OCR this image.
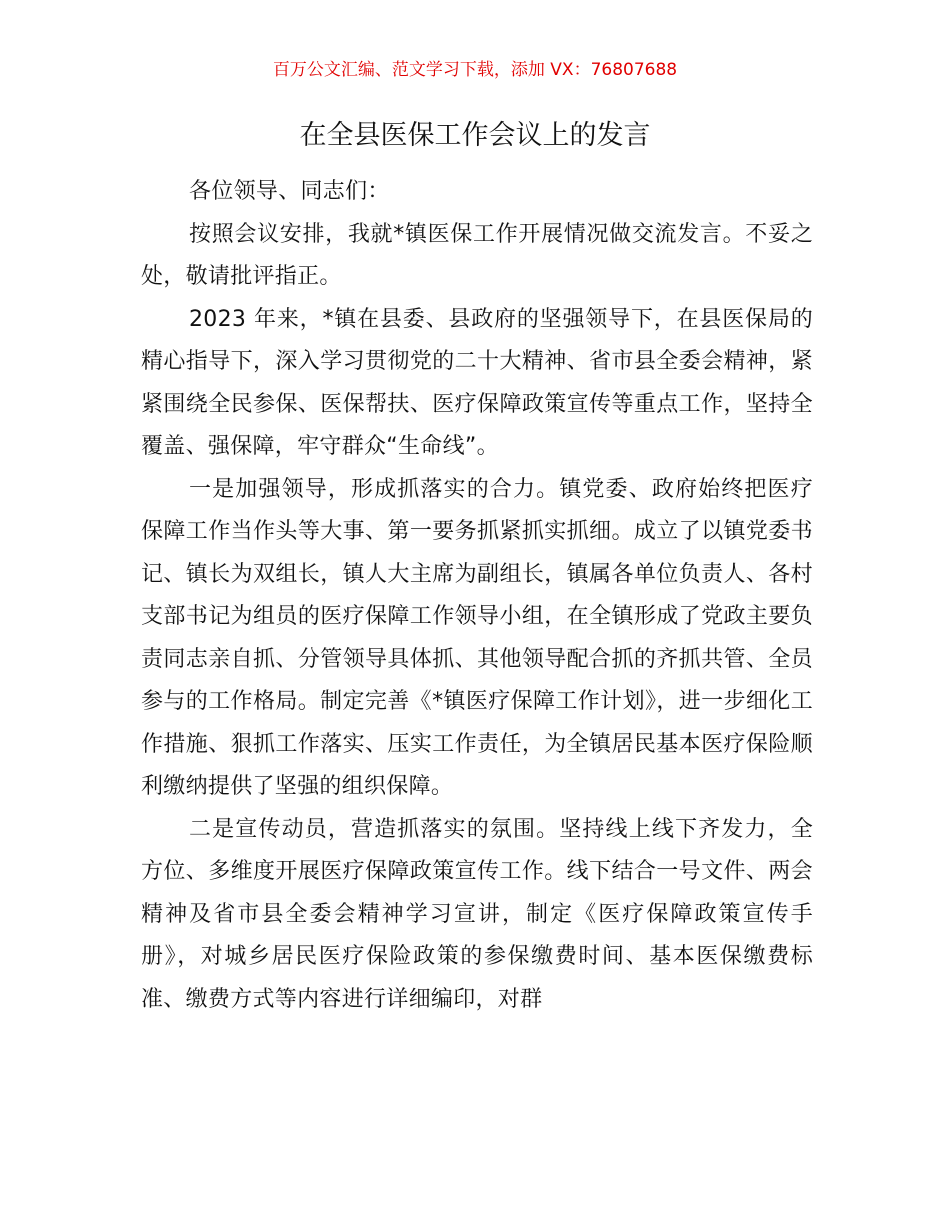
百万公文汇编、范文学习下载，添加 VX：76807688
在全县医保工作会议上的发言

各位领导、同志们：

按照会议安排，我就*镇医保工作开展情况做交流发言。不妥之处，敬请批评指正。

2023 年来，*镇在县委、县政府的坚强领导下，在县医保局的精心指导下，深入学习贯彻党的二十大精神、省市县全委会精神，紧紧围绕全民参保、医保帮扶、医疗保障政策宣传等重点工作，坚持全覆盖、强保障，牢守群众“生命线”。

一是加强领导，形成抓落实的合力。镇党委、政府始终把医疗保障工作当作头等大事、第一要务抓紧抓实抓细。成立了以镇党委书记、镇长为双组长，镇人大主席为副组长，镇属各单位负责人、各村支部书记为组员的医疗保障工作领导小组，在全镇形成了党政主要负责同志亲自抓、分管领导具体抓、其他领导配合抓的齐抓共管、全员参与的工作格局。制定完善《*镇医疗保障工作计划》，进一步细化工作措施、狠抓工作落实、压实工作责任，为全镇居民基本医疗保险顺利缴纳提供了坚强的组织保障。

二是宣传动员，营造抓落实的氛围。坚持线上线下齐发力，全方位、多维度开展医疗保障政策宣传工作。线下结合一号文件、两会精神及省市县全委会精神学习宣讲，制定《医疗保障政策宣传手册》，对城乡居民医疗保险政策的参保缴费时间、基本医保缴费标准、缴费方式等内容进行详细编印，对群
